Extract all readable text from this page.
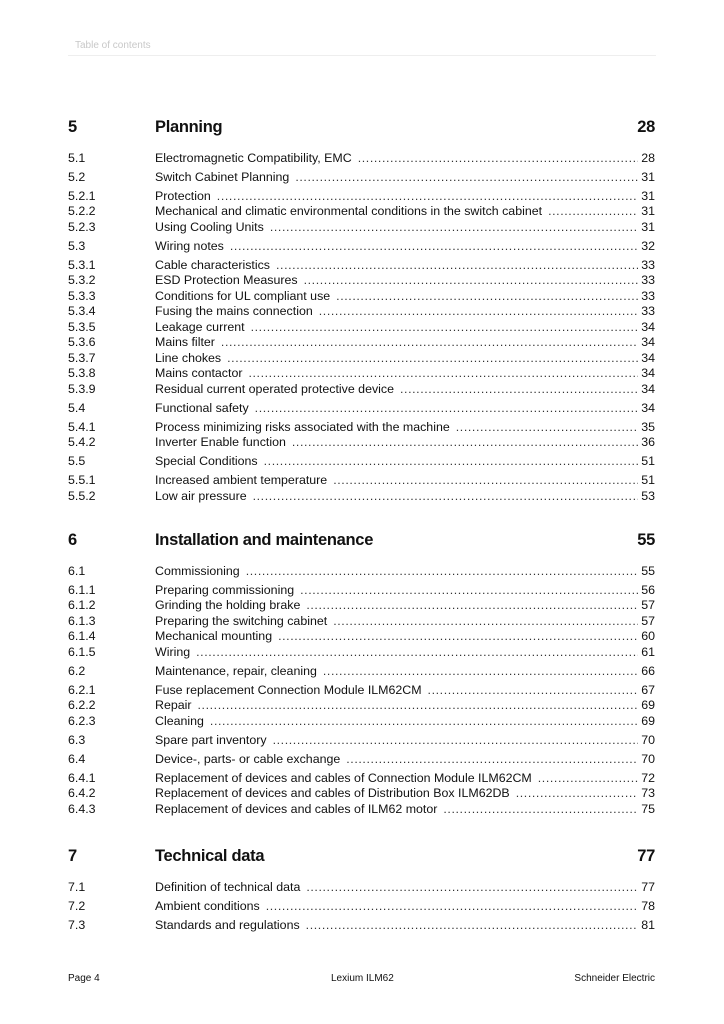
Table of contents
5	Planning	28
5.1	Electromagnetic Compatibility, EMC .....	28
5.2	Switch Cabinet Planning .....	31
5.2.1	Protection .....	31
5.2.2	Mechanical and climatic environmental conditions in the switch cabinet .....	31
5.2.3	Using Cooling Units .....	31
5.3	Wiring notes .....	32
5.3.1	Cable characteristics .....	33
5.3.2	ESD Protection Measures .....	33
5.3.3	Conditions for UL compliant use .....	33
5.3.4	Fusing the mains connection .....	33
5.3.5	Leakage current .....	34
5.3.6	Mains filter .....	34
5.3.7	Line chokes .....	34
5.3.8	Mains contactor .....	34
5.3.9	Residual current operated protective device .....	34
5.4	Functional safety .....	34
5.4.1	Process minimizing risks associated with the machine .....	35
5.4.2	Inverter Enable function .....	36
5.5	Special Conditions .....	51
5.5.1	Increased ambient temperature .....	51
5.5.2	Low air pressure .....	53
6	Installation and maintenance	55
6.1	Commissioning .....	55
6.1.1	Preparing commissioning .....	56
6.1.2	Grinding the holding brake .....	57
6.1.3	Preparing the switching cabinet .....	57
6.1.4	Mechanical mounting .....	60
6.1.5	Wiring .....	61
6.2	Maintenance, repair, cleaning .....	66
6.2.1	Fuse replacement Connection Module ILM62CM .....	67
6.2.2	Repair .....	69
6.2.3	Cleaning .....	69
6.3	Spare part inventory .....	70
6.4	Device-, parts- or cable exchange .....	70
6.4.1	Replacement of devices and cables of Connection Module ILM62CM .....	72
6.4.2	Replacement of devices and cables of Distribution Box ILM62DB .....	73
6.4.3	Replacement of devices and cables of ILM62 motor .....	75
7	Technical data	77
7.1	Definition of technical data .....	77
7.2	Ambient conditions .....	78
7.3	Standards and regulations .....	81
Page 4	Lexium ILM62	Schneider Electric
